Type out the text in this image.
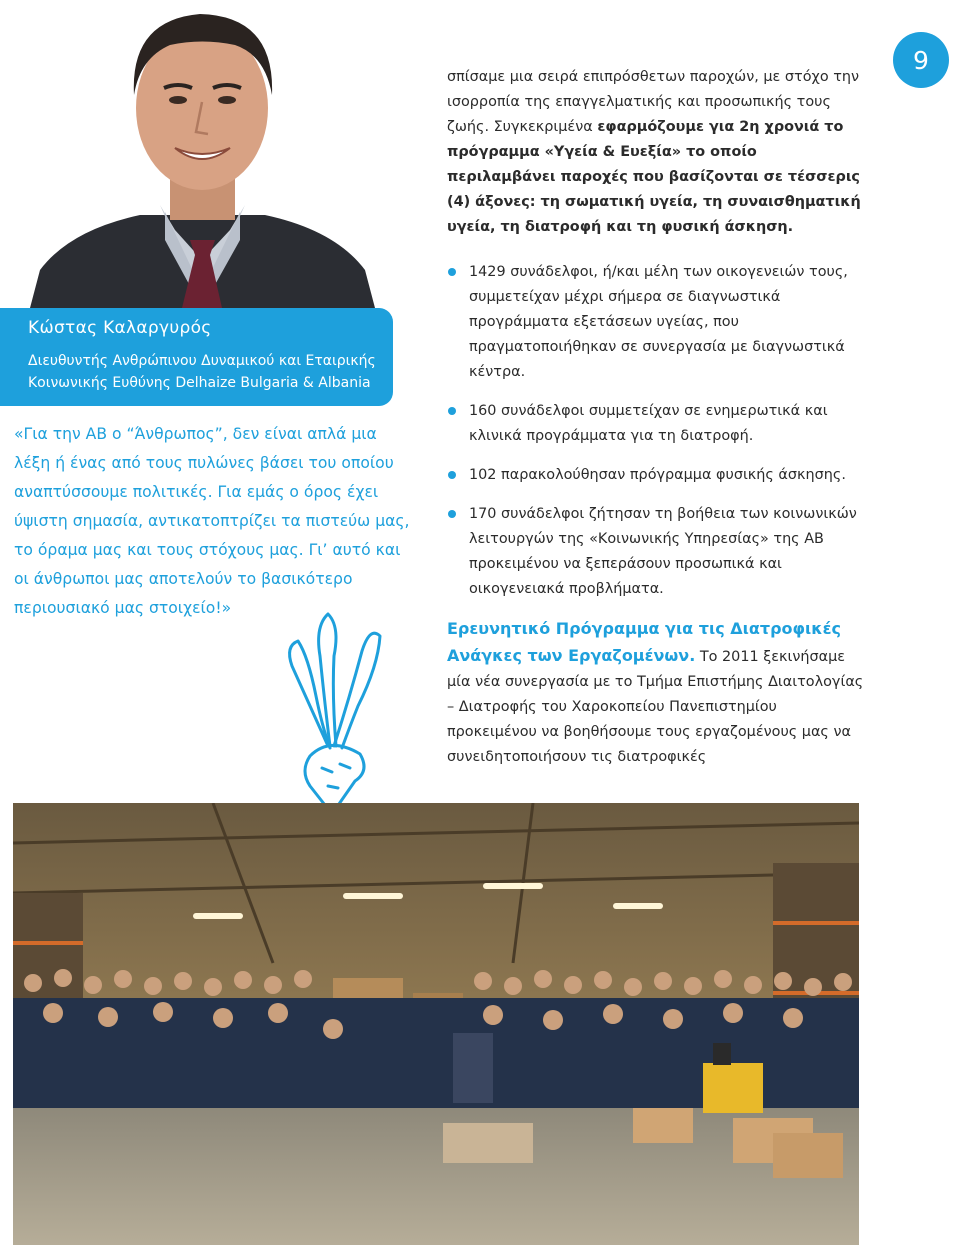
9
Κώστας Καλαργυρός
Διευθυντής Ανθρώπινου Δυναμικού και Εταιρικής
Κοινωνικής Ευθύνης Delhaize Bulgaria & Albania
«Για την ΑΒ ο “Άνθρωπος”, δεν είναι απλά μια λέξη ή ένας από τους πυλώνες βάσει του οποίου αναπτύσσουμε πολιτικές. Για εμάς ο όρος έχει ύψιστη σημασία, αντικατοπτρίζει τα πιστεύω μας, το όραμα μας και τους στόχους μας. Γι’ αυτό και οι άνθρωποι μας αποτελούν το βασικότερο περιουσιακό μας στοιχείο!»

σπίσαμε μια σειρά επιπρόσθετων παροχών, με στόχο την ισορροπία της επαγγελματικής και προσωπικής τους ζωής. Συγκεκριμένα εφαρμόζουμε για 2η χρονιά το πρόγραμμα «Υγεία & Ευεξία» το οποίο περιλαμβάνει παροχές που βασίζονται σε τέσσερις (4) άξονες: τη σωματική υγεία, τη συναισθηματική υγεία, τη διατροφή και τη φυσική άσκηση.

1429 συνάδελφοι, ή/και μέλη των οικογενειών τους, συμμετείχαν μέχρι σήμερα σε διαγνωστικά προγράμματα εξετάσεων υγείας, που πραγματοποιήθηκαν σε συνεργασία με διαγνωστικά κέντρα.
160 συνάδελφοι συμμετείχαν σε ενημερωτικά και κλινικά προγράμματα για τη διατροφή.
102 παρακολούθησαν πρόγραμμα φυσικής άσκησης.
170 συνάδελφοι ζήτησαν τη βοήθεια των κοινωνικών λειτουργών της «Κοινωνικής Υπηρεσίας» της ΑΒ προκειμένου να ξεπεράσουν προσωπικά και οικογενειακά προβλήματα.

Ερευνητικό Πρόγραμμα για τις Διατροφικές Ανάγκες των Εργαζομένων. Το 2011 ξεκινήσαμε μία νέα συνεργασία με το Τμήμα Επιστήμης Διαιτολογίας – Διατροφής του Χαροκοπείου Πανεπιστημίου προκειμένου να βοηθήσουμε τους εργαζομένους μας να συνειδητοποιήσουν τις διατροφικές
